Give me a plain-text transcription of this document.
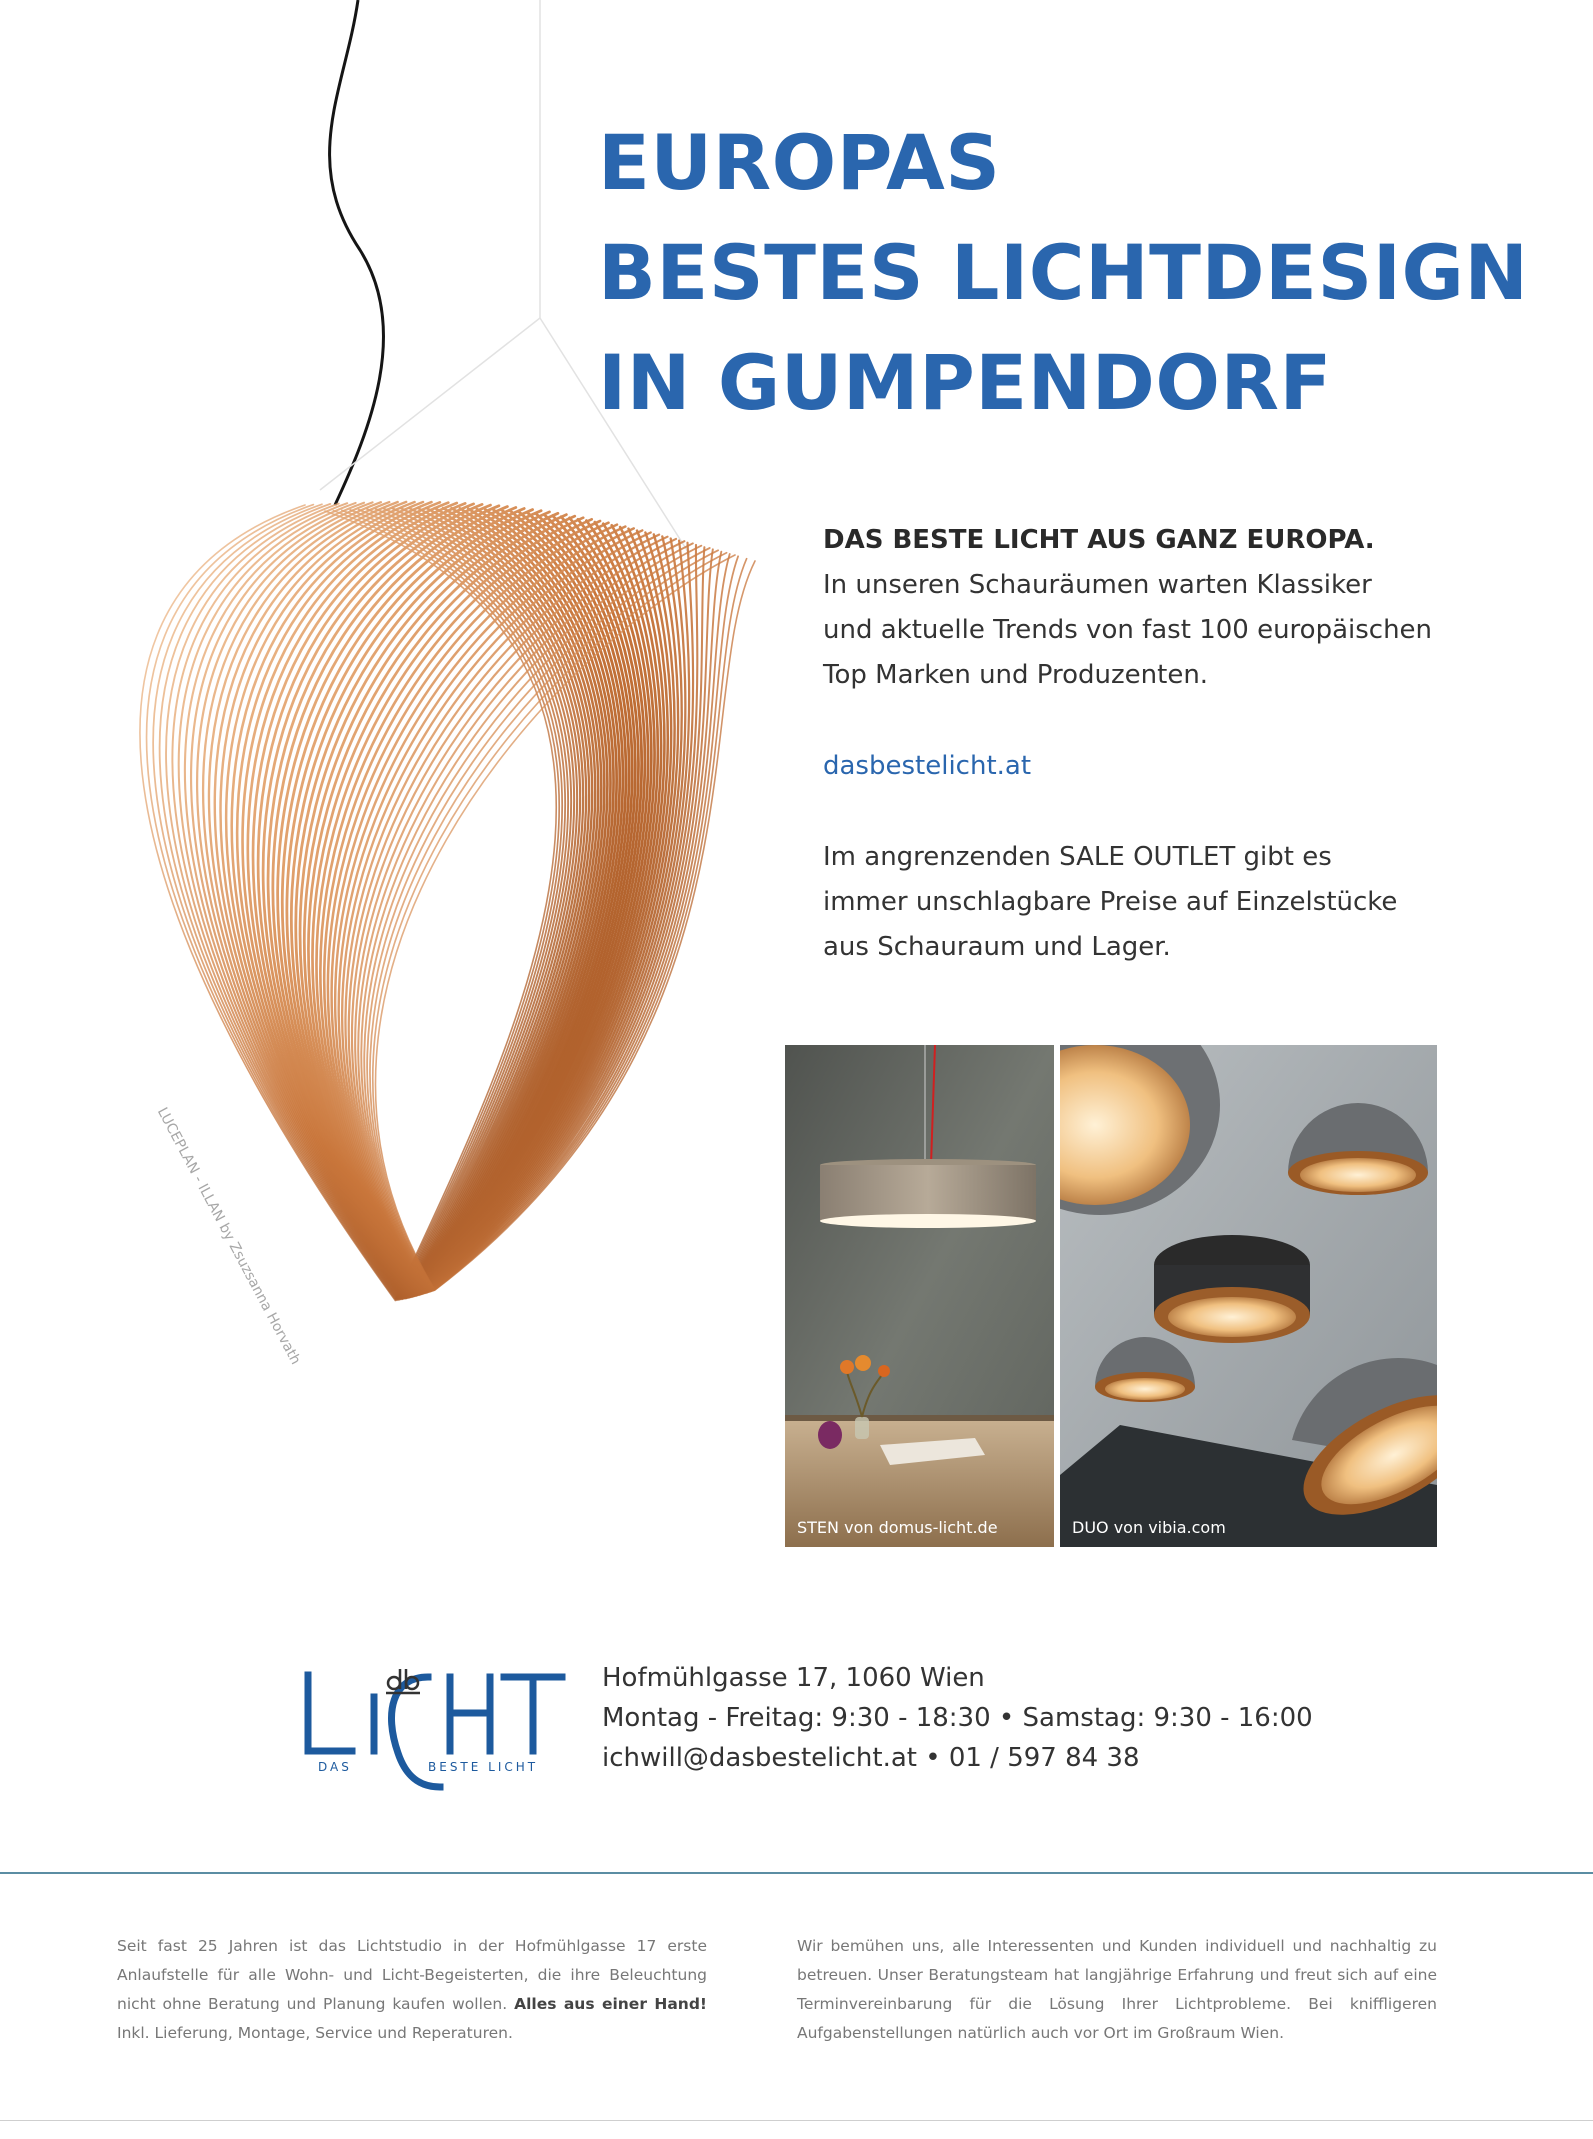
LUCEPLAN - ILLAN by Zsuzsanna Horvath
EUROPAS
BESTES LICHTDESIGN
IN GUMPENDORF
DAS BESTE LICHT AUS GANZ EUROPA.
In unseren Schauräumen warten Klassiker
und aktuelle Trends von fast 100 europäischen
Top Marken und Produzenten.
dasbestelicht.at
Im angrenzenden SALE OUTLET gibt es
immer unschlagbare Preise auf Einzelstücke
aus Schauraum und Lager.
STEN von domus-licht.de	DUO von vibia.com
DAS	BESTE LICHT
Hofmühlgasse 17, 1060 Wien
Montag - Freitag: 9:30 - 18:30 • Samstag: 9:30 - 16:00
ichwill@dasbestelicht.at • 01 / 597 84 38
Seit fast 25 Jahren ist das Lichtstudio in der Hofmühlgasse 17 erste Anlaufstelle für alle Wohn- und Licht-Begeisterten, die ihre Beleuchtung nicht ohne Beratung und Planung kaufen wollen. Alles aus einer Hand! Inkl. Lieferung, Montage, Service und Reperaturen.
Wir bemühen uns, alle Interessenten und Kunden individuell und nachhaltig zu betreuen. Unser Beratungsteam hat langjährige Erfahrung und freut sich auf eine Terminvereinbarung für die Lösung Ihrer Lichtprobleme. Bei kniffligeren Aufgabenstellungen natürlich auch vor Ort im Großraum Wien.
